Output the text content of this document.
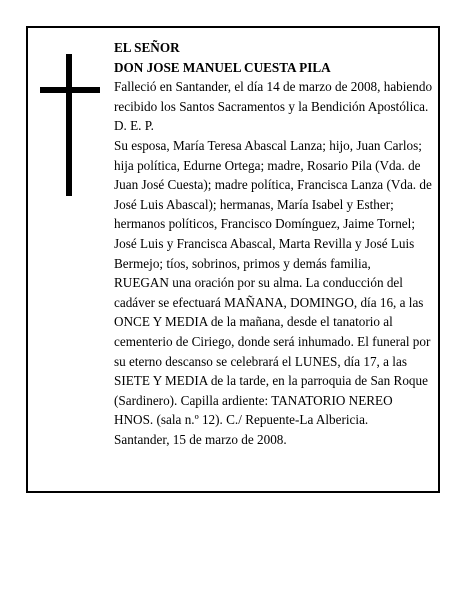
EL SEÑOR

DON JOSE MANUEL CUESTA PILA

Falleció en Santander, el día 14 de marzo de 2008, habiendo recibido los Santos Sacramentos y la Bendición Apostólica.

D. E. P.

Su esposa, María Teresa Abascal Lanza; hijo, Juan Carlos; hija política, Edurne Ortega; madre, Rosario Pila (Vda. de Juan José Cuesta); madre política, Francisca Lanza (Vda. de José Luis Abascal); hermanas, María Isabel y Esther; hermanos políticos, Francisco Domínguez, Jaime Tornel; José Luis y Francisca Abascal, Marta Revilla y José Luis Bermejo; tíos, sobrinos, primos y demás familia,

RUEGAN una oración por su alma. La conducción del cadáver se efectuará MAÑANA, DOMINGO, día 16, a las ONCE Y MEDIA de la mañana, desde el tanatorio al cementerio de Ciriego, donde será inhumado. El funeral por su eterno descanso se celebrará el LUNES, día 17, a las SIETE Y MEDIA de la tarde, en la parroquia de San Roque (Sardinero). Capilla ardiente: TANATORIO NEREO HNOS. (sala n.º 12). C./ Repuente-La Albericia.

Santander, 15 de marzo de 2008.
